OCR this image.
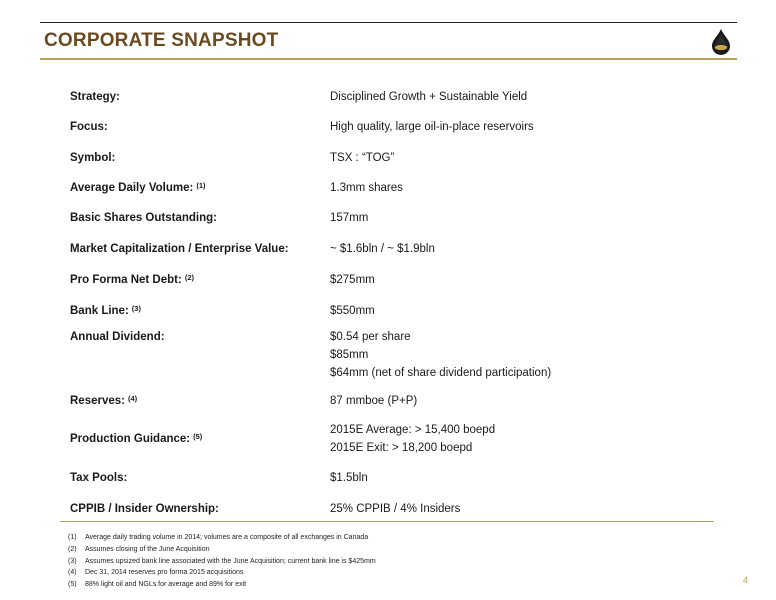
CORPORATE SNAPSHOT
Strategy:	Disciplined Growth + Sustainable Yield
Focus:	High quality, large oil-in-place reservoirs
Symbol:	TSX : “TOG”
Average Daily Volume: $^{(1)}$	1.3mm shares
Basic Shares Outstanding:	157mm
Market Capitalization / Enterprise Value:	~ $1.6bln / ~ $1.9bln
Pro Forma Net Debt: $^{(2)}$	$275mm
Bank Line: $^{(3)}$	$550mm
Annual Dividend:	$0.54 per share
$85mm
$64mm (net of share dividend participation)
Reserves: $^{(4)}$	87 mmboe (P+P)
Production Guidance: $^{(5)}$
2015E Average: > 15,400 boepd
2015E Exit: > 18,200 boepd
Tax Pools:	$1.5bln
CPPIB / Insider Ownership:	25% CPPIB / 4% Insiders
(1) Average daily trading volume in 2014; volumes are a composite of all exchanges in Canada
(2) Assumes closing of the June Acquisition
(3) Assumes upsized bank line associated with the June Acquisition; current bank line is $425mm
(4) Dec 31, 2014 reserves pro forma 2015 acquisitions
(5) 88% light oil and NGLs for average and 89% for exit	4
